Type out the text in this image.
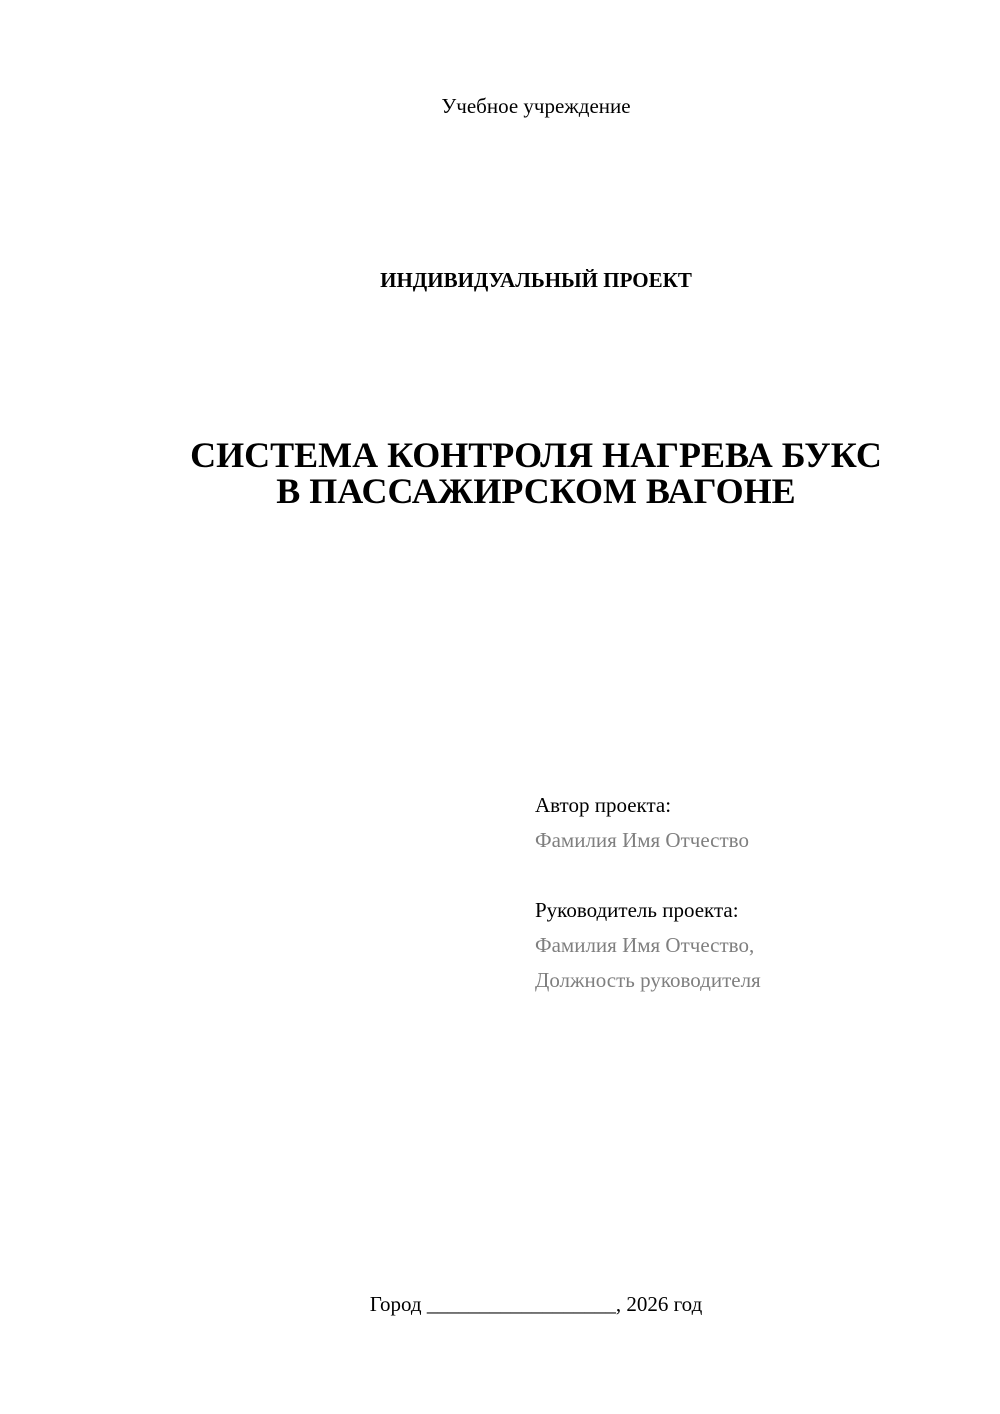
Учебное учреждение
ИНДИВИДУАЛЬНЫЙ ПРОЕКТ
СИСТЕМА КОНТРОЛЯ НАГРЕВА БУКС
В ПАССАЖИРСКОМ ВАГОНЕ
Автор проекта:
Фамилия Имя Отчество
Руководитель проекта:
Фамилия Имя Отчество,
Должность руководителя
Город __________________, 2026 год
